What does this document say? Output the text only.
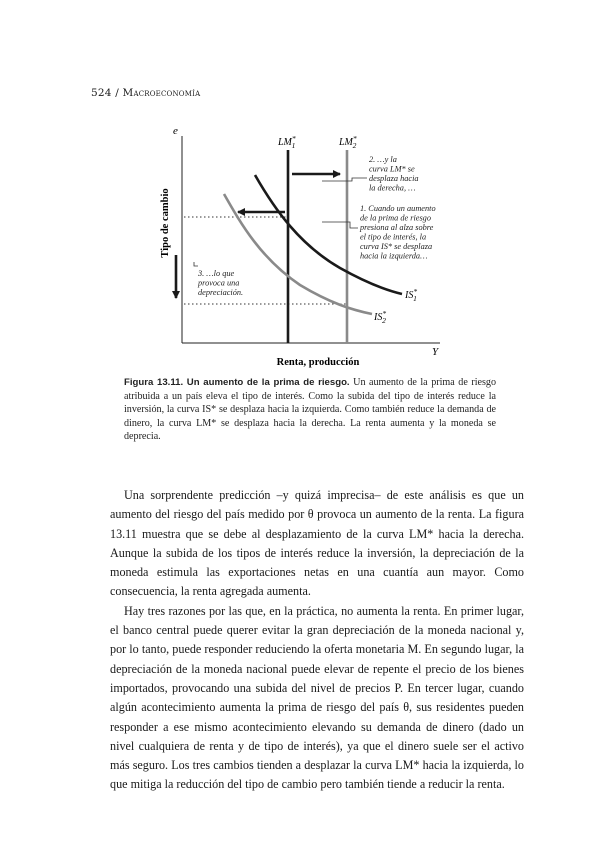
524 / Macroeconomía
e
Y
Tipo de cambio
Renta, producción
LM* 1	LM* 2
IS* 1
IS* 2
2. …y la curva LM* se desplaza hacia la derecha, …
1. Cuando un aumento de la prima de riesgo presiona al alza sobre el tipo de interés, la curva IS* se desplaza hacia la izquierda…
3. …lo que provoca una depreciación.
Figura 13.11. Un aumento de la prima de riesgo. Un aumento de la prima de riesgo atribuida a un país eleva el tipo de interés. Como la subida del tipo de interés reduce la inversión, la curva IS* se desplaza hacia la izquierda. Como también reduce la demanda de dinero, la curva LM* se desplaza hacia la derecha. La renta aumenta y la moneda se deprecia.

Una sorprendente predicción –y quizá imprecisa– de este análisis es que un aumento del riesgo del país medido por θ provoca un aumento de la renta. La figura 13.11 muestra que se debe al desplazamiento de la curva LM* hacia la derecha. Aunque la subida de los tipos de interés reduce la inversión, la depreciación de la moneda estimula las exportaciones netas en una cuantía aun mayor. Como consecuencia, la renta agregada aumenta.

Hay tres razones por las que, en la práctica, no aumenta la renta. En primer lugar, el banco central puede querer evitar la gran depreciación de la moneda nacional y, por lo tanto, puede responder reduciendo la oferta monetaria M. En segundo lugar, la depreciación de la moneda nacional puede elevar de repente el precio de los bienes importados, provocando una subida del nivel de precios P. En tercer lugar, cuando algún acontecimiento aumenta la prima de riesgo del país θ, sus residentes pueden responder a ese mismo acontecimiento elevando su demanda de dinero (dado un nivel cualquiera de renta y de tipo de interés), ya que el dinero suele ser el activo más seguro. Los tres cambios tienden a desplazar la curva LM* hacia la izquierda, lo que mitiga la reducción del tipo de cambio pero también tiende a reducir la renta.
